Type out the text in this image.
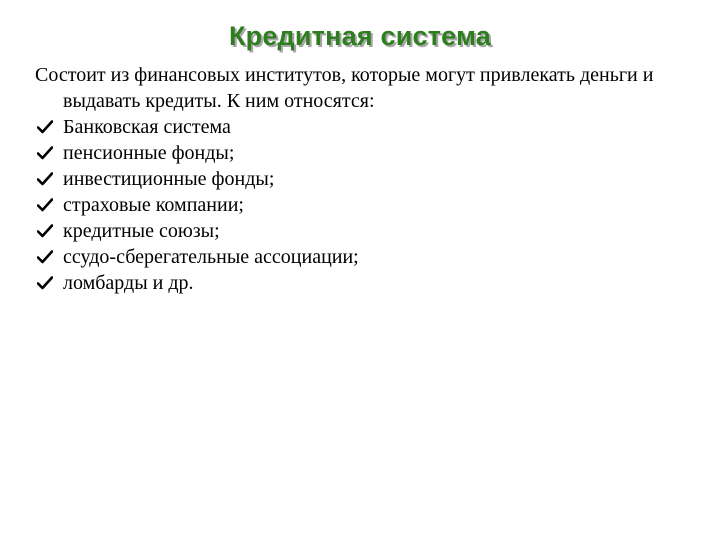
Кредитная система

Состоит из финансовых институтов, которые могут привлекать деньги и выдавать кредиты. К ним относятся:

Банковская система
пенсионные фонды;
инвестиционные фонды;
страховые компании;
кредитные союзы;
ссудо-сберегательные ассоциации;
ломбарды и др.
